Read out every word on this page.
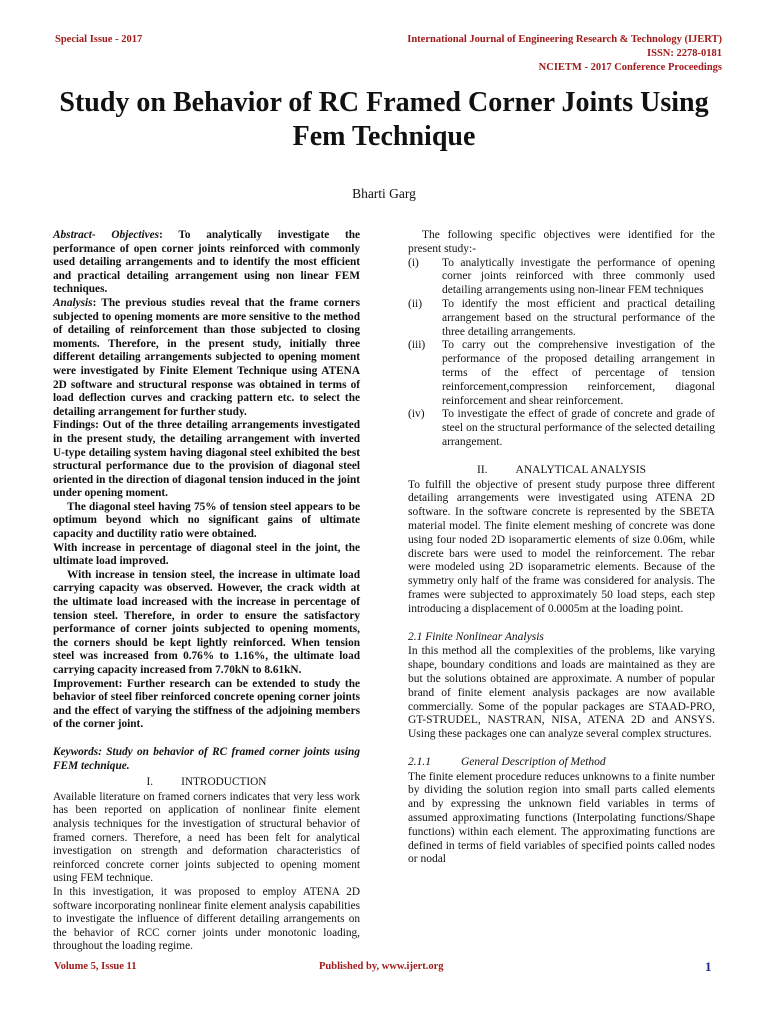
Special Issue - 2017	International Journal of Engineering Research & Technology (IJERT)
ISSN: 2278-0181
NCIETM - 2017 Conference Proceedings
Study on Behavior of RC Framed Corner Joints Using Fem Technique
Bharti Garg

Abstract- Objectives: To analytically investigate the performance of open corner joints reinforced with commonly used detailing arrangements and to identify the most efficient and practical detailing arrangement using non linear FEM techniques.

Analysis: The previous studies reveal that the frame corners subjected to opening moments are more sensitive to the method of detailing of reinforcement than those subjected to closing moments. Therefore, in the present study, initially three different detailing arrangements subjected to opening moment were investigated by Finite Element Technique using ATENA 2D software and structural response was obtained in terms of load deflection curves and cracking pattern etc. to select the detailing arrangement for further study.

Findings: Out of the three detailing arrangements investigated in the present study, the detailing arrangement with inverted U-type detailing system having diagonal steel exhibited the best structural performance due to the provision of diagonal steel oriented in the direction of diagonal tension induced in the joint under opening moment.

The diagonal steel having 75% of tension steel appears to be optimum beyond which no significant gains of ultimate capacity and ductility ratio were obtained.

With increase in percentage of diagonal steel in the joint, the ultimate load improved.

With increase in tension steel, the increase in ultimate load carrying capacity was observed. However, the crack width at the ultimate load increased with the increase in percentage of tension steel. Therefore, in order to ensure the satisfactory performance of corner joints subjected to opening moments, the corners should be kept lightly reinforced. When tension steel was increased from 0.76% to 1.16%, the ultimate load carrying capacity increased from 7.70kN to 8.61kN.

Improvement: Further research can be extended to study the behavior of steel fiber reinforced concrete opening corner joints and the effect of varying the stiffness of the adjoining members of the corner joint.

Keywords: Study on behavior of RC framed corner joints using FEM technique.

I. INTRODUCTION

Available literature on framed corners indicates that very less work has been reported on application of nonlinear finite element analysis techniques for the investigation of structural behavior of framed corners. Therefore, a need has been felt for analytical investigation on strength and deformation characteristics of reinforced concrete corner joints subjected to opening moment using FEM technique.

In this investigation, it was proposed to employ ATENA 2D software incorporating nonlinear finite element analysis capabilities to investigate the influence of different detailing arrangements on the behavior of RCC corner joints under monotonic loading, throughout the loading regime.

The following specific objectives were identified for the present study:-

(i)	To analytically investigate the performance of opening corner joints reinforced with three commonly used detailing arrangements using non-linear FEM techniques
(ii)	To identify the most efficient and practical detailing arrangement based on the structural performance of the three detailing arrangements.
(iii)	To carry out the comprehensive investigation of the performance of the proposed detailing arrangement in terms of the effect of percentage of tension reinforcement,compression reinforcement, diagonal reinforcement and shear reinforcement.
(iv)	To investigate the effect of grade of concrete and grade of steel on the structural performance of the selected detailing arrangement.

II. ANALYTICAL ANALYSIS

To fulfill the objective of present study purpose three different detailing arrangements were investigated using ATENA 2D software. In the software concrete is represented by the SBETA material model. The finite element meshing of concrete was done using four noded 2D isoparamertic elements of size 0.06m, while discrete bars were used to model the reinforcement. The rebar were modeled using 2D isoparametric elements. Because of the symmetry only half of the frame was considered for analysis. The frames were subjected to approximately 50 load steps, each step introducing a displacement of 0.0005m at the loading point.

2.1 Finite Nonlinear Analysis

In this method all the complexities of the problems, like varying shape, boundary conditions and loads are maintained as they are but the solutions obtained are approximate. A number of popular brand of finite element analysis packages are now available commercially. Some of the popular packages are STAAD-PRO, GT-STRUDEL, NASTRAN, NISA, ATENA 2D and ANSYS. Using these packages one can analyze several complex structures.

2.1.1	General Description of Method

The finite element procedure reduces unknowns to a finite number by dividing the solution region into small parts called elements and by expressing the unknown field variables in terms of assumed approximating functions (Interpolating functions/Shape functions) within each element. The approximating functions are defined in terms of field variables of specified points called nodes or nodal

Volume 5, Issue 11	Published by, www.ijert.org	1
